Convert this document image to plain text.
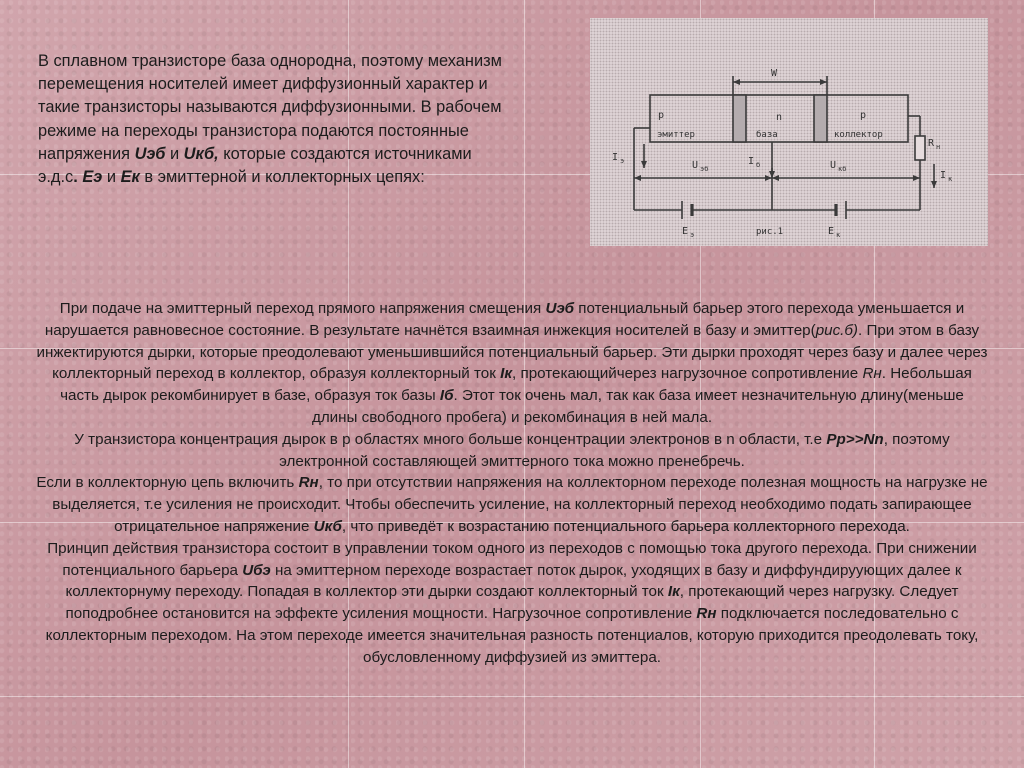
В сплавном транзисторе база однородна, поэтому механизм перемещения носителей имеет диффузионный характер и такие транзисторы называются диффузионными. В рабочем режиме на переходы транзистора подаются постоянные напряжения Uэб и Uкб, которые создаются источниками э.д.с. Еэ и Ек в эмиттерной и коллекторных цепях:
W
p
эмиттер
n
база
p
коллектор
I $_э$	U $_{эб}$
I $_б$	U $_{кб}$
R $_н$
I $_к$
E $_э$	E $_к$
рис.1

При подаче на эмиттерный переход прямого напряжения смещения Uэб потенциальный барьер этого перехода уменьшается и нарушается равновесное состояние. В результате начнётся взаимная инжекция носителей в базу и эмиттер(рис.б). При этом в базу инжектируются дырки, которые преодолевают уменьшившийся потенциальный барьер. Эти дырки проходят через базу и далее через коллекторный переход в коллектор, образуя коллекторный ток Iк, протекающийчерез нагрузочное сопротивление Rн. Небольшая часть дырок рекомбинирует в базе, образуя ток базы Iб. Этот ток очень мал, так как база имеет незначительную длину(меньше длины свободного пробега) и рекомбинация в ней мала.

У транзистора концентрация дырок в р областях много больше концентрации электронов в n области, т.е Pp>>Nn, поэтому электронной составляющей эмиттерного тока можно пренебречь.

Если в коллекторную цепь включить Rн, то при отсутствии напряжения на коллекторном переходе полезная мощность на нагрузке не выделяется, т.е усиления не происходит. Чтобы обеспечить усиление, на коллекторный переход необходимо подать запирающее отрицательное напряжение Uкб, что приведёт к возрастанию потенциального барьера коллекторного перехода.

Принцип действия транзистора состоит в управлении током одного из переходов с помощью тока другого перехода. При снижении потенциального барьера Uбэ на эмиттерном переходе возрастает поток дырок, уходящих в базу и диффундируующих далее к коллекторнуму переходу. Попадая в коллектор эти дырки создают коллекторный ток Iк, протекающий через нагрузку. Следует поподробнее остановится на эффекте усиления мощности. Нагрузочное сопротивление Rн подключается последовательно с коллекторным переходом. На этом переходе имеется значительная разность потенциалов, которую приходится преодолевать току, обусловленному диффузией из эмиттера.
